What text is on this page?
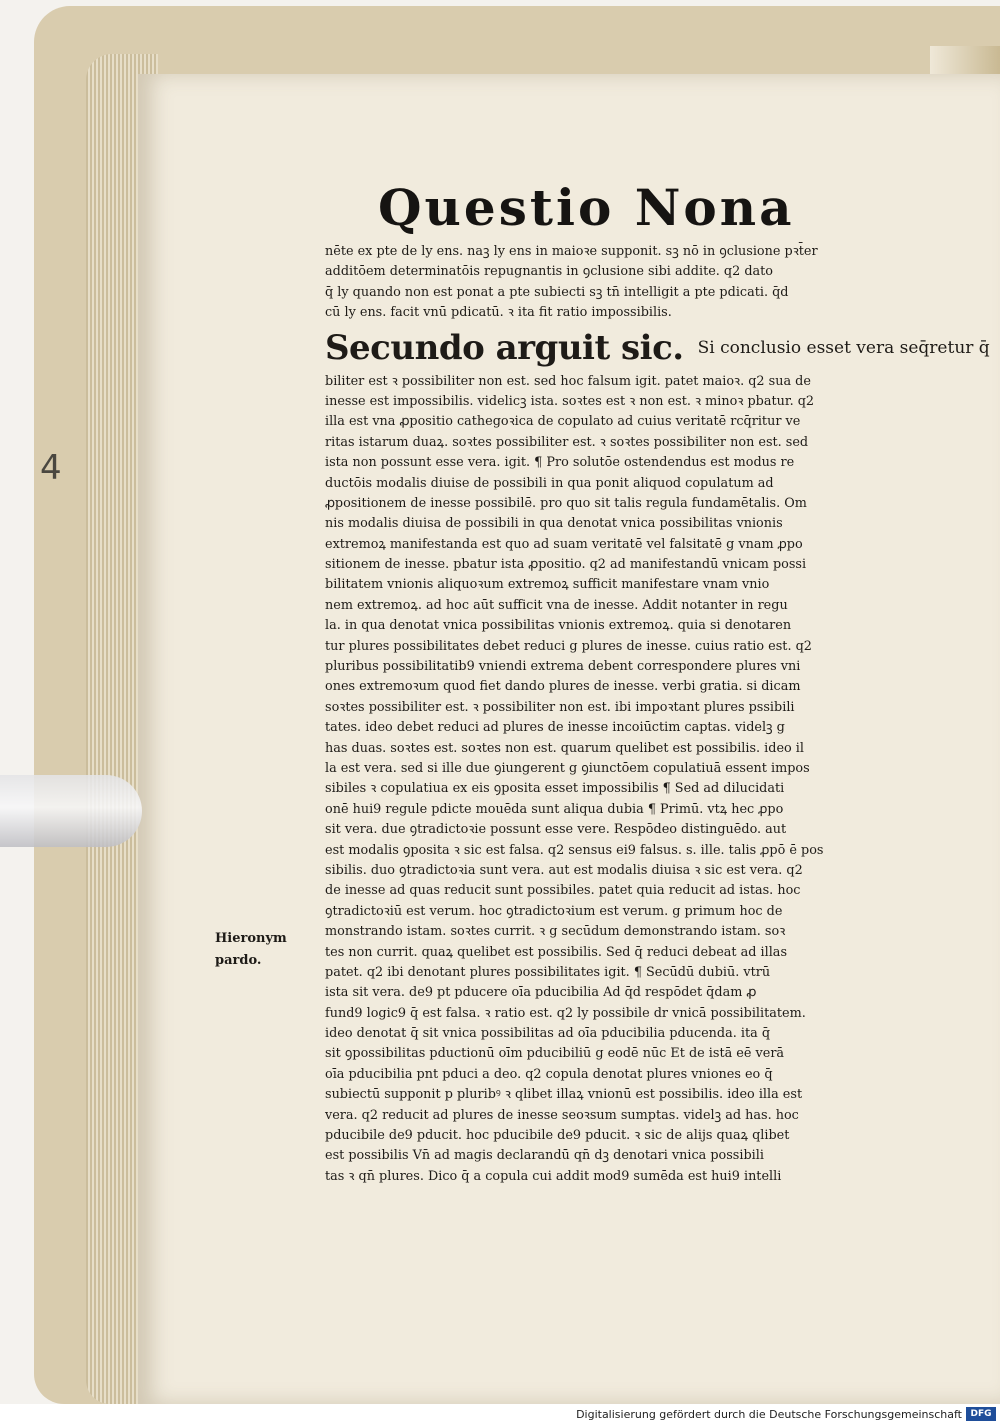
4
Questio Nona
nēte ex pte de ly ens. naꝫ ly ens in maioꝛe supponit. sꝫ nō in ꝯclusione pꝛt̄er
additōem determinatōis repugnantis in ꝯclusione sibi addite. q2 dato
q̄ ly quando non est ponat a pte subiecti sꝫ tn̄ intelligit a pte pdicati. q̄d
cū ly ens. facit vnū pdicatū. ꝛ ita fit ratio impossibilis.
Secundo arguit sic. Si conclusio esset vera seq̄retur q̄
biliter est ꝛ possibiliter non est. sed hoc falsum igit. patet maioꝛ. q2 sua de
inesse est impossibilis. videlicꝫ ista. soꝛtes est ꝛ non est. ꝛ minoꝛ pbatur. q2
illa est vna ꝓpositio cathegoꝛica de copulato ad cuius veritatē rcq̄ritur ve
ritas istarum duaꝝ. soꝛtes possibiliter est. ꝛ soꝛtes possibiliter non est. sed
ista non possunt esse vera. igit. ¶ Pro solutōe ostendendus est modus re
ductōis modalis diuise de possibili in qua ponit aliquod copulatum ad
ꝓpositionem de inesse possibilē. pro quo sit talis regula fundamētalis. Om
nis modalis diuisa de possibili in qua denotat vnica possibilitas vnionis
extremoꝝ manifestanda est quo ad suam veritatē vel falsitatē g vnam ꝓpo
sitionem de inesse. pbatur ista ꝓpositio. q2 ad manifestandū vnicam possi
bilitatem vnionis aliquoꝛum extremoꝝ sufficit manifestare vnam vnio
nem extremoꝝ. ad hoc aūt sufficit vna de inesse. Addit notanter in regu
la. in qua denotat vnica possibilitas vnionis extremoꝝ. quia si denotaren
tur plures possibilitates debet reduci g plures de inesse. cuius ratio est. q2
pluribus possibilitatib9 vniendi extrema debent correspondere plures vni
ones extremoꝛum quod fiet dando plures de inesse. verbi gratia. si dicam
soꝛtes possibiliter est. ꝛ possibiliter non est. ibi impoꝛtant plures pssibili
tates. ideo debet reduci ad plures de inesse incoiūctim captas. videlꝫ g
has duas. soꝛtes est. soꝛtes non est. quarum quelibet est possibilis. ideo il
la est vera. sed si ille due ꝯiungerent g ꝯiunctōem copulatiuā essent impos
sibiles ꝛ copulatiua ex eis ꝯposita esset impossibilis ¶ Sed ad dilucidati
onē hui9 regule pdicte mouēda sunt aliqua dubia ¶ Primū. vtꝝ hec ꝓpo
sit vera. due ꝯtradictoꝛie possunt esse vere. Respōdeo distinguēdo. aut
est modalis ꝯposita ꝛ sic est falsa. q2 sensus ei9 falsus. s. ille. talis ꝓpō ē pos
sibilis. duo ꝯtradictoꝛia sunt vera. aut est modalis diuisa ꝛ sic est vera. q2
de inesse ad quas reducit sunt possibiles. patet quia reducit ad istas. hoc
ꝯtradictoꝛiū est verum. hoc ꝯtradictoꝛium est verum. g primum hoc de
monstrando istam. soꝛtes currit. ꝛ g secūdum demonstrando istam. soꝛ
tes non currit. quaꝝ quelibet est possibilis. Sed q̄ reduci debeat ad illas
patet. q2 ibi denotant plures possibilitates igit. ¶ Secūdū dubiū. vtrū
ista sit vera. de9 pt pducere oīa pducibilia Ad q̄d respōdet q̄dam ꝓ
fund9 logic9 q̄ est falsa. ꝛ ratio est. q2 ly possibile dr vnicā possibilitatem.
ideo denotat q̄ sit vnica possibilitas ad oīa pducibilia pducenda. ita q̄
sit ꝯpossibilitas pductionū oīm pducibiliū g eodē nūc Et de istā eē verā
oīa pducibilia pnt pduci a deo. q2 copula denotat plures vniones eo q̄
subiectū supponit p pluribꝰ ꝛ qlibet illaꝝ vnionū est possibilis. ideo illa est
vera. q2 reducit ad plures de inesse seoꝛsum sumptas. videlꝫ ad has. hoc
pducibile de9 pducit. hoc pducibile de9 pducit. ꝛ sic de alijs quaꝝ qlibet
est possibilis Vn̄ ad magis declarandū qn̄ dꝫ denotari vnica possibili
tas ꝛ qn̄ plures. Dico q̄ a copula cui addit mod9 sumēda est hui9 intelli
Hieronym
pardo.
Digitalisierung gefördert durch die Deutsche Forschungsgemeinschaft DFG
